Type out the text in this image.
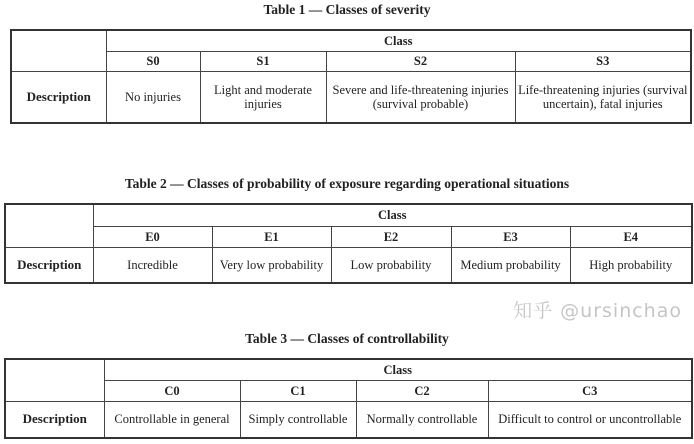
Table 1 — Classes of severity
	Class			
	S0	S1	S2	S3
Description	No injuries	Light and moderate injuries	Severe and life-threatening injuries (survival probable)	Life-threatening injuries (survival uncertain), fatal injuries
Table 2 — Classes of probability of exposure regarding operational situations
	Class				
	E0	E1	E2	E3	E4
Description	Incredible	Very low probability	Low probability	Medium probability	High probability
知乎 @ursinchao
Table 3 — Classes of controllability
	Class			
	C0	C1	C2	C3
Description	Controllable in general	Simply controllable	Normally controllable	Difficult to control or uncontrollable
